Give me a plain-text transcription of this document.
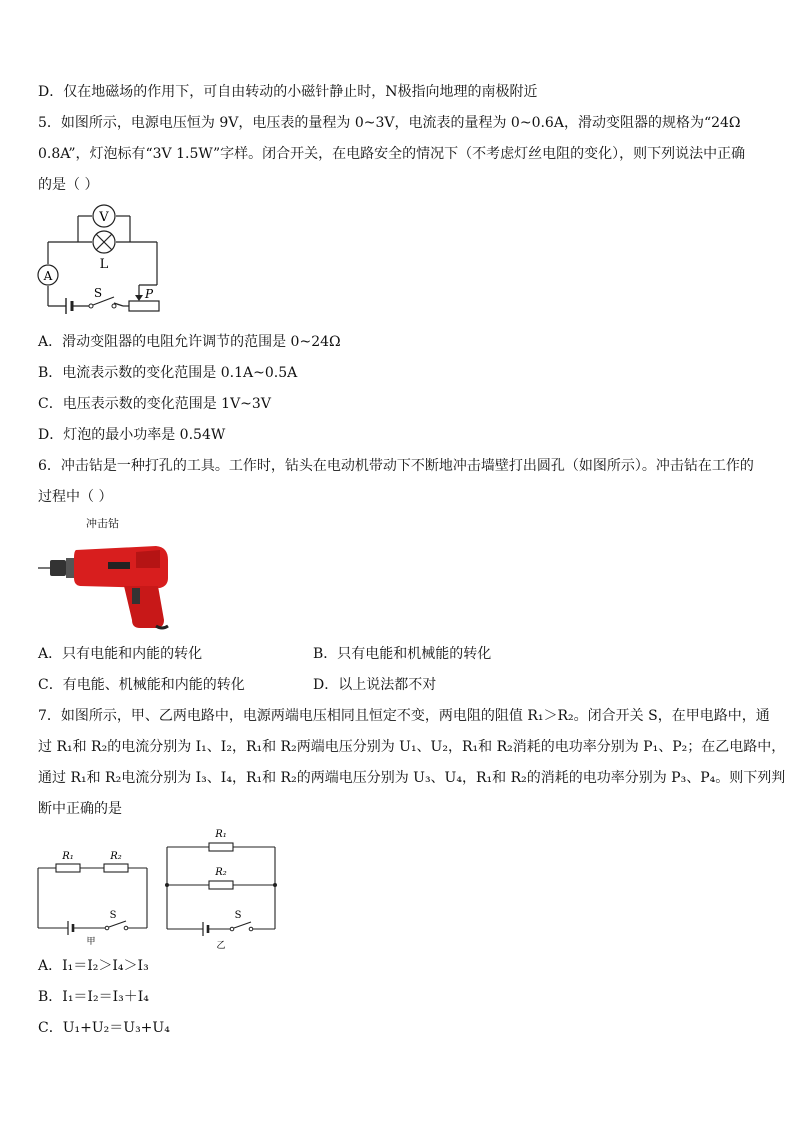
D．仅在地磁场的作用下，可自由转动的小磁针静止时，N极指向地理的南极附近
5．如图所示，电源电压恒为 9V，电压表的量程为 0~3V，电流表的量程为 0~0.6A，滑动变阻器的规格为“24Ω
0.8A”，灯泡标有“3V 1.5W”字样。闭合开关，在电路安全的情况下（不考虑灯丝电阻的变化），则下列说法中正确
的是（ ）
V
L
A
S	P
A．滑动变阻器的电阻允许调节的范围是 0~24Ω
B．电流表示数的变化范围是 0.1A~0.5A
C．电压表示数的变化范围是 1V~3V
D．灯泡的最小功率是 0.54W
6．冲击钻是一种打孔的工具。工作时，钻头在电动机带动下不断地冲击墙壁打出圆孔（如图所示）。冲击钻在工作的
过程中（ ）
冲击钻
A．只有电能和内能的转化	B．只有电能和机械能的转化
C．有电能、机械能和内能的转化	D．以上说法都不对
7．如图所示，甲、乙两电路中，电源两端电压相同且恒定不变，两电阻的阻值 R₁＞R₂。闭合开关 S，在甲电路中，通
过 R₁和 R₂的电流分别为 I₁、I₂，R₁和 R₂两端电压分别为 U₁、U₂，R₁和 R₂消耗的电功率分别为 P₁、P₂；在乙电路中，
通过 R₁和 R₂电流分别为 I₃、I₄，R₁和 R₂的两端电压分别为 U₃、U₄，R₁和 R₂的消耗的电功率分别为 P₃、P₄。则下列判
断中正确的是
R₁	R₂
S
甲
R₁
R₂
S
乙
A．I₁＝I₂＞I₄＞I₃
B．I₁＝I₂＝I₃＋I₄
C．U₁+U₂＝U₃+U₄
